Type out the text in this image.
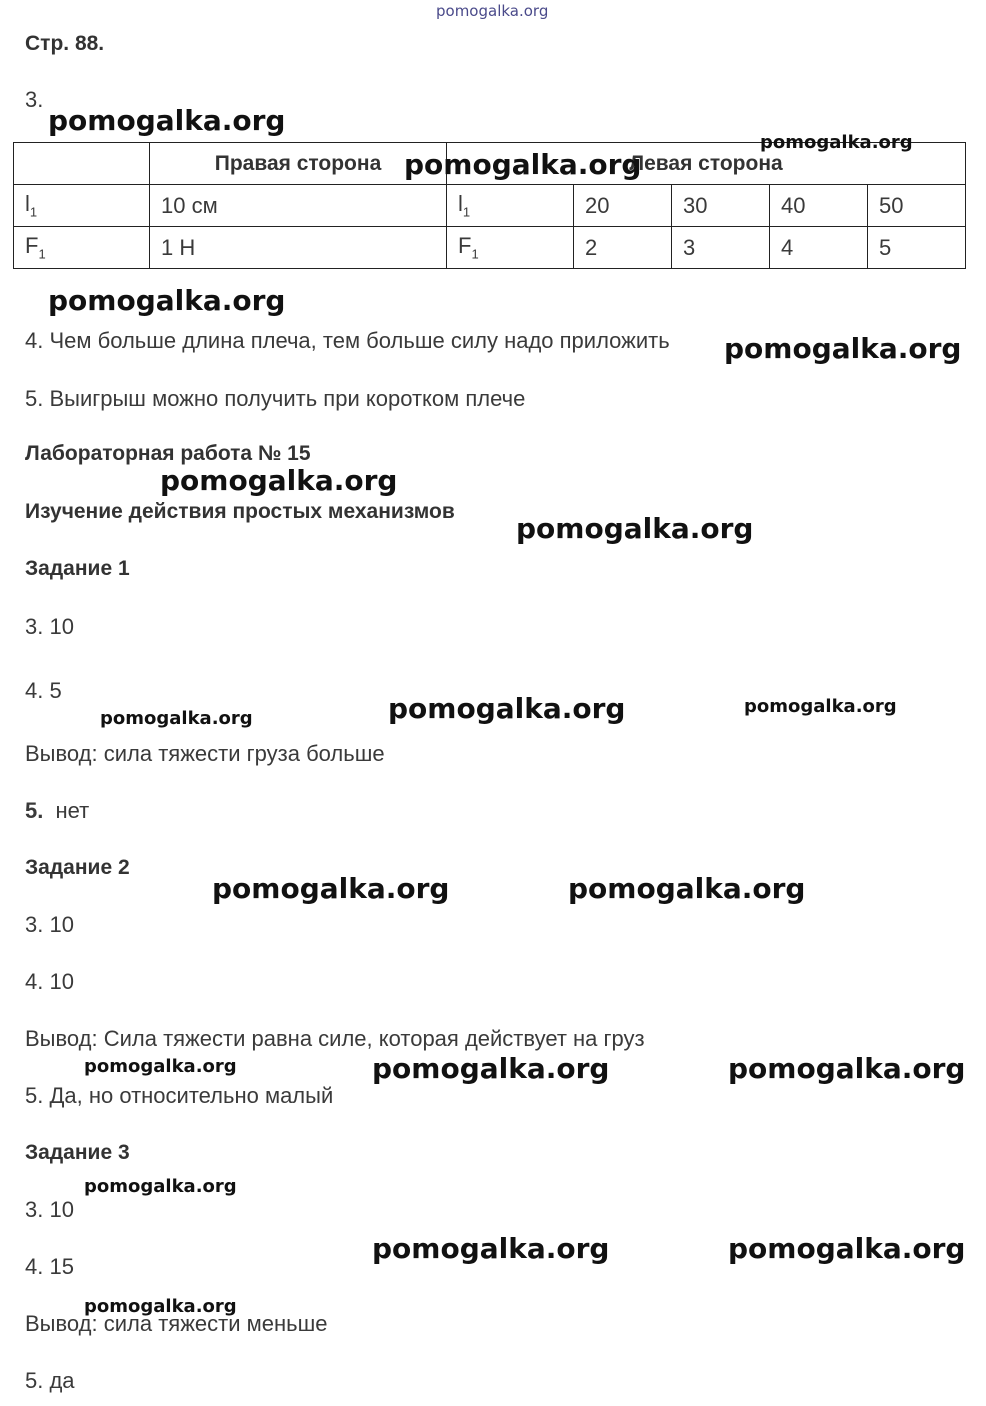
pomogalka.org
Стр. 88.
3.
	Правая сторона	Левая сторона				
$l_1$	10 см	$l_1$	20	30	40	50
$F_1$	1 Н	$F_1$	2	3	4	5
4. Чем больше длина плеча, тем больше силу надо приложить
5. Выигрыш можно получить при коротком плече
Лабораторная работа № 15
Изучение действия простых механизмов
Задание 1
3. 10
4. 5
Вывод: сила тяжести груза больше
5. нет
Задание 2
3. 10
4. 10
Вывод: Сила тяжести равна силе, которая действует на груз
5. Да, но относительно малый
Задание 3
3. 10
4. 15
Вывод: сила тяжести меньше
5. да
pomogalka.org
pomogalka.org
pomogalka.org
pomogalka.org
pomogalka.org
pomogalka.org
pomogalka.org
pomogalka.org	pomogalka.org	pomogalka.org
pomogalka.org	pomogalka.org
pomogalka.org	pomogalka.org	pomogalka.org
pomogalka.org
pomogalka.org	pomogalka.org
pomogalka.org
